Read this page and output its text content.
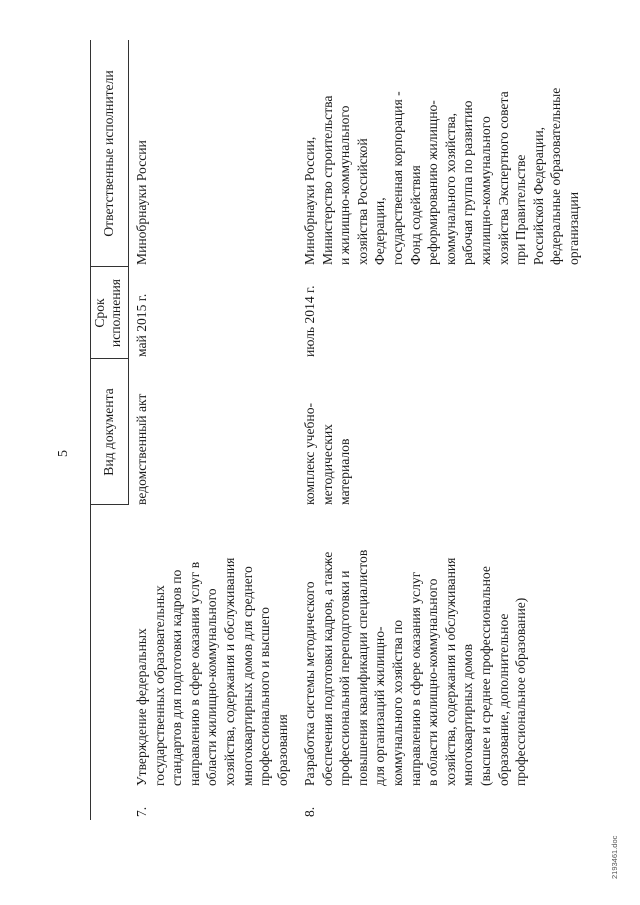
5 Вид документа
Срок
исполнения
Ответственные исполнители
7.
Утверждение федеральных
государственных образовательных
стандартов для подготовки кадров по
направлению в сфере оказания услуг в
области жилищно-коммунального
хозяйства, содержания и обслуживания
многоквартирных домов для среднего
профессионального и высшего
образования
ведомственный акт
май 2015 г.
Минобрнауки России
8.
Разработка системы методического
обеспечения подготовки кадров, а также
профессиональной переподготовки и
повышения квалификации специалистов
для организаций жилищно-
коммунального хозяйства по
направлению в сфере оказания услуг
в области жилищно-коммунального
хозяйства, содержания и обслуживания
многоквартирных домов
(высшее и среднее профессиональное
образование, дополнительное
профессиональное образование)
комплекс учебно-
методических
материалов
июль 2014 г.
Минобрнауки России,
Министерство строительства
и жилищно-коммунального
хозяйства Российской
Федерации,
государственная корпорация -
Фонд содействия
реформированию жилищно-
коммунального хозяйства,
рабочая группа по развитию
жилищно-коммунального
хозяйства Экспертного совета
при Правительстве
Российской Федерации,
федеральные образовательные
организации
2193461.doc
